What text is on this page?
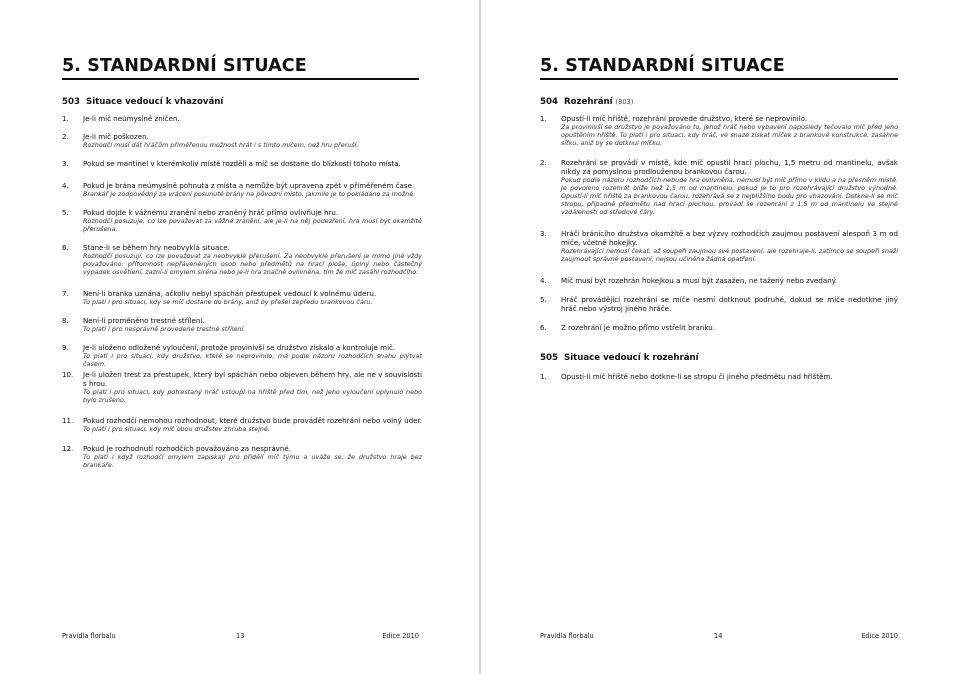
5. STANDARDNÍ SITUACE
503 Situace vedoucí k vhazování
1. Je-li míč neúmyslně zničen.
2. Je-li míč poškozen.
Rozhodčí musí dát hráčům přiměřenou možnost hrát i s tímto míčem, než hru přeruší.
3. Pokud se mantinel v kterémkoliv místě rozdělí a míč se dostane do blízkosti tohoto místa.
4. Pokud je brána neúmyslně pohnuta z místa a nemůže být upravena zpět v přiměřeném čase.
Brankář je zodpovědný za vrácení posunuté brány na původní místo, jakmile je to pokládáno za možné.
5. Pokud dojde k vážnému zranění nebo zraněný hráč přímo ovlivňuje hru.
Rozhodčí posuzuje, co lze považovat za vážné zranění, ale je-li na něj podezření, hra musí být okamžitě přerušena.
6. Stane-li se během hry neobvyklá situace.
Rozhodčí posuzují, co lze považovat za neobvyklé přerušení. Za neobvyklé přerušení je mimo jiné vždy považováno: přítomnost nepřáveněných osob nebo předmětů na hrací ploše, úplný nebo částečný výpadek osvětlení, zazní-li omylem siréna nebo je-li hra značně ovlivněna, tím že míč zasáhl rozhodčího.
7. Není-li branka uznána, ačkoliv nebyl spáchán přestupek vedoucí k volnému úderu.
To platí i pro situaci, kdy se míč dostane do brány, aniž by přešel zepředu brankovou čáru.
8. Není-li proměněno trestné střílení.
To platí i pro nesprávně provedené trestné střílení.
9. Je-li uloženo odložené vyloučení, protože provinivší se družstvo získalo a kontroluje míč.
To platí i pro situaci, kdy družstvo, které se neprovinilo, má podle názoru rozhodčích snahu plýtvat časem.
10. Je-li uložen trest za přestupek, který byl spáchán nebo objeven během hry, ale ne v souvislosti s hrou.
To platí i pro situaci, kdy potrestaný hráč vstoupí na hřiště před tím, než jeho vyloučení uplynulo nebo bylo zrušeno.
11. Pokud rozhodčí nemohou rozhodnout, které družstvo bude provádět rozehrání nebo volný úder.
To platí i pro situaci, kdy míč obou družstev zhruba stejné.
12. Pokud je rozhodnutí rozhodčích považováno za nesprávné.
To platí i když rozhodčí omylem zapiskají pro přidělí míč týmu a uváže se, že družstvo hraje bez brankáře.
Pravidla florbalu	13	Edice 2010
5. STANDARDNÍ SITUACE
504 Rozehrání (803)
1. Opustí-li míč hřiště, rozehrání provede družstvo, které se neprovinilo.
Za provinivší se družstvo je považováno to, jehož hráč nebo vybavení naposledy tečovalo míč před jeho opuštěním hřiště. To platí i pro situaci, kdy hráč, ve snaze získat míček z brankové konstrukce, zasáhne síťku, aniž by se dotknul míčku.
2. Rozehrání se provádí v místě, kde míč opustil hrací plochu, 1,5 metru od mantinelu, avšak nikdy za pomyslnou prodlouženou brankovou čarou.
Pokud podle názoru rozhodčích nebude hra ovlivněna, nemusí být míč přímo v klidu a na přesném místě. Je povoleno rozehrát blíže než 1,5 m od mantinelu, pokud je to pro rozehrávající družstvo výhodné. Opustí-li míč hřiště za brankovou čarou, rozehrává se z nejbližšího bodu pro vhazování. Dotkne-li se míč stropu, případně předmětu nad hrací plochou, provádí se rozehrání z 1,5 m od mantinelu ve stejné vzdálenosti od středové čáry.
3. Hráči bránícího družstva okamžitě a bez výzvy rozhodčích zaujmou postavení alespoň 3 m od míče, včetně hokejky.
Rozehrávající nemusí čekat, až soupeři zaujmou své postavení, ale rozehraje-li, zatímco se soupeři snaží zaujmout správné postavení, nejsou učiněna žádná opatření.
4. Míč musí být rozehrán hokejkou a musí být zasažen, ne tažený nebo zvedaný.
5. Hráč provádějící rozehrání se míče nesmí dotknout podruhé, dokud se míče nedotkne jiný hráč nebo výstroj jiného hráče.
6. Z rozehrání je možno přímo vstřelit branku.
1. Opustí-li míč hřiště nebo dotkne-li se stropu či jiného předmětu nad hřištěm.
505 Situace vedoucí k rozehrání
Pravidla florbalu	14	Edice 2010
